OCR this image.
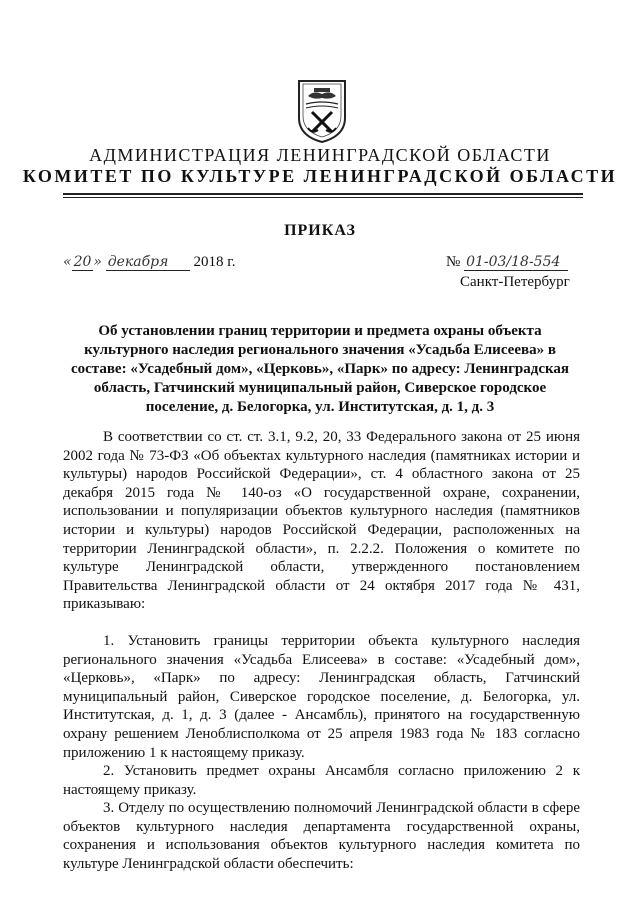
АДМИНИСТРАЦИЯ ЛЕНИНГРАДСКОЙ ОБЛАСТИ
КОМИТЕТ ПО КУЛЬТУРЕ ЛЕНИНГРАДСКОЙ ОБЛАСТИ
ПРИКАЗ
« 20 » декабря 2018 г.	№ 01-03/18-554
Санкт-Петербург
Об установлении границ территории и предмета охраны объекта культурного наследия регионального значения «Усадьба Елисеева» в составе: «Усадебный дом», «Церковь», «Парк» по адресу: Ленинградская область, Гатчинский муниципальный район, Сиверское городское поселение, д. Белогорка, ул. Институтская, д. 1, д. 3

В соответствии со ст. ст. 3.1, 9.2, 20, 33 Федерального закона от 25 июня 2002 года № 73-ФЗ «Об объектах культурного наследия (памятниках истории и культуры) народов Российской Федерации», ст. 4 областного закона от 25 декабря 2015 года № 140-оз «О государственной охране, сохранении, использовании и популяризации объектов культурного наследия (памятников истории и культуры) народов Российской Федерации, расположенных на территории Ленинградской области», п. 2.2.2. Положения о комитете по культуре Ленинградской области, утвержденного постановлением Правительства Ленинградской области от 24 октября 2017 года № 431, приказываю:

1. Установить границы территории объекта культурного наследия регионального значения «Усадьба Елисеева» в составе: «Усадебный дом», «Церковь», «Парк» по адресу: Ленинградская область, Гатчинский муниципальный район, Сиверское городское поселение, д. Белогорка, ул. Институтская, д. 1, д. 3 (далее - Ансамбль), принятого на государственную охрану решением Леноблисполкома от 25 апреля 1983 года № 183 согласно приложению 1 к настоящему приказу.

2. Установить предмет охраны Ансамбля согласно приложению 2 к настоящему приказу.

3. Отделу по осуществлению полномочий Ленинградской области в сфере объектов культурного наследия департамента государственной охраны, сохранения и использования объектов культурного наследия комитета по культуре Ленинградской области обеспечить:
